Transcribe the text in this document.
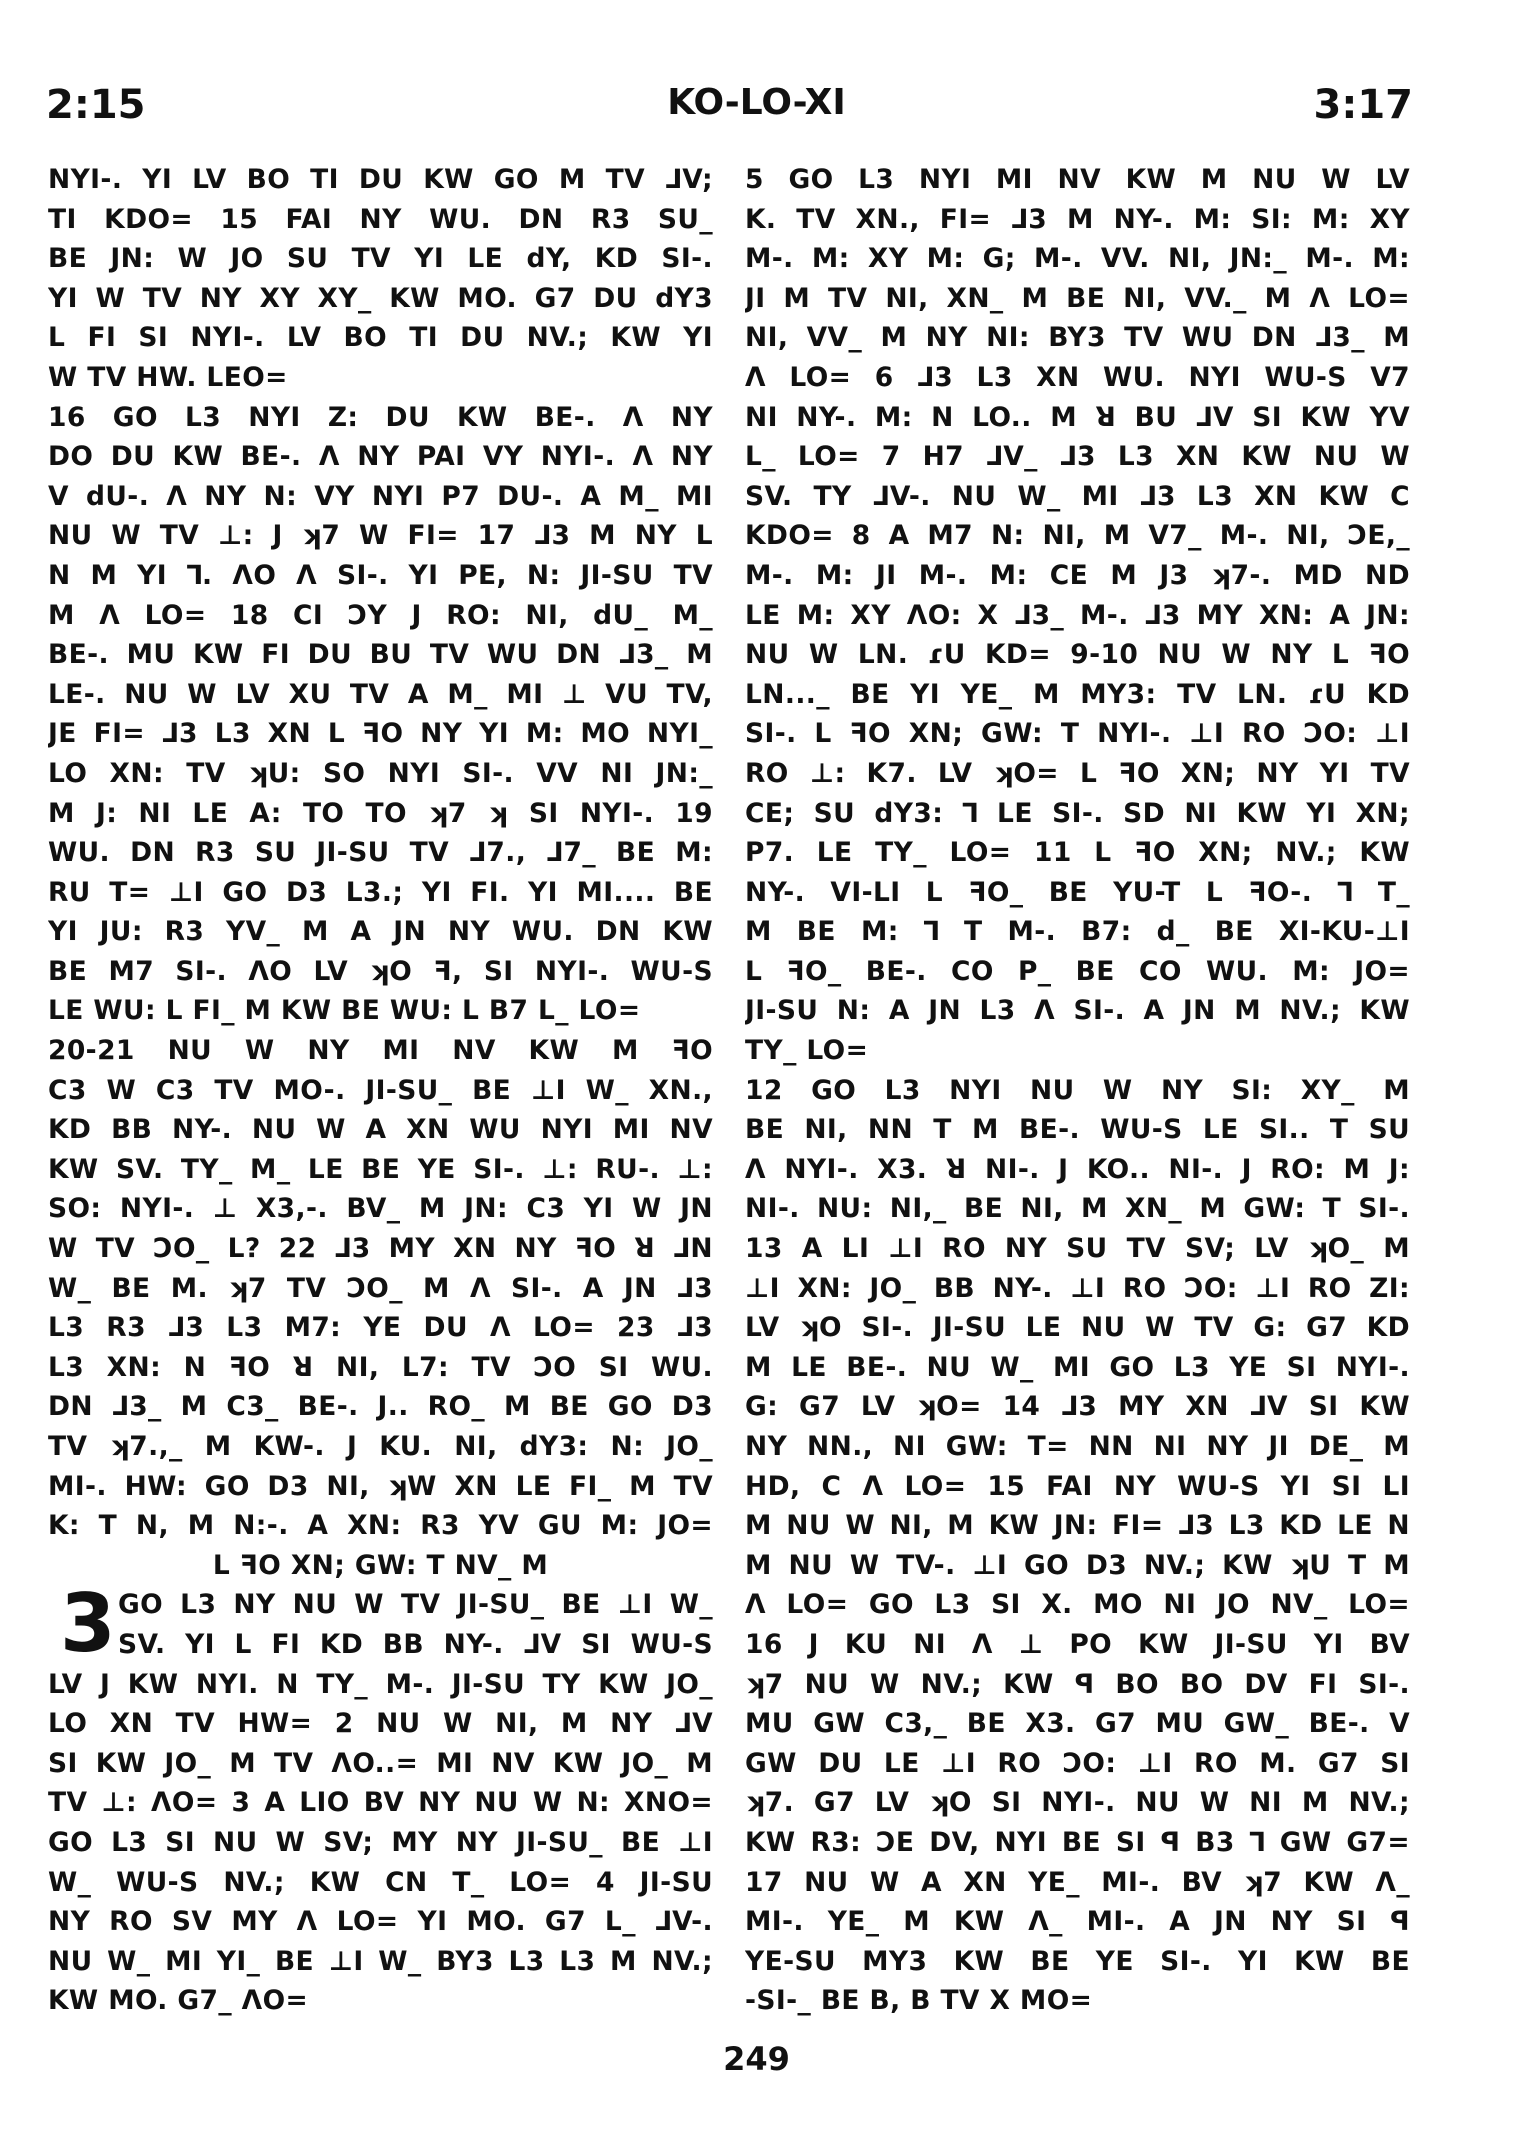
2:15	KO-LO-XI	3:17
NYI-. YI LV BO TI DU KW GO M TV ⅃V;
TI KDO= 15 FAI NY WU. DN R3 SU_
BE JN: W JO SU TV YI LE dY, KD SI-.
YI W TV NY XY XY_ KW MO. G7 DU dY3
L FI SI NYI-. LV BO TI DU NV.; KW YI
W TV HW. LEO=
16 GO L3 NYI Z: DU KW BE-. Λ NY
DO DU KW BE-. Λ NY PAI VY NYI-. Λ NY
V dU-. Λ NY N: VY NYI P7 DU-. A M_ MI
NU W TV ⊥: J ʞ7 W FI= 17 ⅃3 M NY L
N M YI ⅂. ΛO Λ SI-. YI PE, N: JI-SU TV
M Λ LO= 18 CI ƆY J RO: NI, dU_ M_
BE-. MU KW FI DU BU TV WU DN ⅃3_ M
LE-. NU W LV XU TV A M_ MI ⊥ VU TV,
JE FI= ⅃3 L3 XN L ꟻO NY YI M: MO NYI_
LO XN: TV ʞU: SO NYI SI-. VV NI JN:_
M J: NI LE A: TO TO ʞ7 ʞ SI NYI-. 19
WU. DN R3 SU JI-SU TV ⅃7., ⅃7_ BE M:
RU T= ⊥I GO D3 L3.; YI FI. YI MI.... BE
YI JU: R3 YV_ M A JN NY WU. DN KW
BE M7 SI-. ΛO LV ʞO ꟻ, SI NYI-. WU-S
LE WU: L FI_ M KW BE WU: L B7 L_ LO=
20-21 NU W NY MI NV KW M ꟻO
C3 W C3 TV MO-. JI-SU_ BE ⊥I W_ XN.,
KD BB NY-. NU W A XN WU NYI MI NV
KW SV. TY_ M_ LE BE YE SI-. ⊥: RU-. ⊥:
SO: NYI-. ⊥ X3,-. BV_ M JN: C3 YI W JN
W TV ƆO_ L? 22 ⅃3 MY XN NY ꟻO ꓤ ⅃N
W_ BE M. ʞ7 TV ƆO_ M Λ SI-. A JN ⅃3
L3 R3 ⅃3 L3 M7: YE DU Λ LO= 23 ⅃3
L3 XN: N ꟻO ꓤ NI, L7: TV ƆO SI WU.
DN ⅃3_ M C3_ BE-. J.. RO_ M BE GO D3
TV ʞ7.,_ M KW-. J KU. NI, dY3: N: JO_
MI-. HW: GO D3 NI, ʞW XN LE FI_ M TV
K: T N, M N:-. A XN: R3 YV GU M: JO=
L ꟻO XN; GW: T NV_ M
3 GO L3 NY NU W TV JI-SU_ BE ⊥I W_
SV. YI L FI KD BB NY-. ⅃V SI WU-S
LV J KW NYI. N TY_ M-. JI-SU TY KW JO_
LO XN TV HW= 2 NU W NI, M NY ⅃V
SI KW JO_ M TV ΛO..= MI NV KW JO_ M
TV ⊥: ΛO= 3 A LIO BV NY NU W N: XNO=
GO L3 SI NU W SV; MY NY JI-SU_ BE ⊥I
W_ WU-S NV.; KW CN T_ LO= 4 JI-SU
NY RO SV MY Λ LO= YI MO. G7 L_ ⅃V-.
NU W_ MI YI_ BE ⊥I W_ BY3 L3 L3 M NV.;
KW MO. G7_ ΛO=
5 GO L3 NYI MI NV KW M NU W LV
K. TV XN., FI= ⅃3 M NY-. M: SI: M: XY
M-. M: XY M: G; M-. VV. NI, JN:_ M-. M:
JI M TV NI, XN_ M BE NI, VV._ M Λ LO=
NI, VV_ M NY NI: BY3 TV WU DN ⅃3_ M
Λ LO= 6 ⅃3 L3 XN WU. NYI WU-S V7
NI NY-. M: N LO.. M ꓤ BU ⅃V SI KW YV
L_ LO= 7 H7 ⅃V_ ⅃3 L3 XN KW NU W
SV. TY ⅃V-. NU W_ MI ⅃3 L3 XN KW C
KDO= 8 A M7 N: NI, M V7_ M-. NI, ƆE,_
M-. M: JI M-. M: CE M J3 ʞ7-. MD ND
LE M: XY ΛO: X ⅃3_ M-. ⅃3 MY XN: A JN:
NU W LN. ɾU KD= 9-10 NU W NY L ꟻO
LN..._ BE YI YE_ M MY3: TV LN. ɾU KD
SI-. L ꟻO XN; GW: T NYI-. ⊥I RO ƆO: ⊥I
RO ⊥: K7. LV ʞO= L ꟻO XN; NY YI TV
CE; SU dY3: ⅂ LE SI-. SD NI KW YI XN;
P7. LE TY_ LO= 11 L ꟻO XN; NV.; KW
NY-. VI-LI L ꟻO_ BE YU-T L ꟻO-. ⅂ T_
M BE M: ⅂ T M-. B7: d_ BE XI-KU-⊥I
L ꟻO_ BE-. CO P_ BE CO WU. M: JO=
JI-SU N: A JN L3 Λ SI-. A JN M NV.; KW
TY_ LO=
12 GO L3 NYI NU W NY SI: XY_ M
BE NI, NN T M BE-. WU-S LE SI.. T SU
Λ NYI-. X3. ꓤ NI-. J KO.. NI-. J RO: M J:
NI-. NU: NI,_ BE NI, M XN_ M GW: T SI-.
13 A LI ⊥I RO NY SU TV SV; LV ʞO_ M
⊥I XN: JO_ BB NY-. ⊥I RO ƆO: ⊥I RO ZI:
LV ʞO SI-. JI-SU LE NU W TV G: G7 KD
M LE BE-. NU W_ MI GO L3 YE SI NYI-.
G: G7 LV ʞO= 14 ⅃3 MY XN ⅃V SI KW
NY NN., NI GW: T= NN NI NY JI DE_ M
HD, C Λ LO= 15 FAI NY WU-S YI SI LI
M NU W NI, M KW JN: FI= ⅃3 L3 KD LE N
M NU W TV-. ⊥I GO D3 NV.; KW ʞU T M
Λ LO= GO L3 SI X. MO NI JO NV_ LO=
16 J KU NI Λ ⊥ PO KW JI-SU YI BV
ʞ7 NU W NV.; KW ꟼ BO BO DV FI SI-.
MU GW C3,_ BE X3. G7 MU GW_ BE-. V
GW DU LE ⊥I RO ƆO: ⊥I RO M. G7 SI
ʞ7. G7 LV ʞO SI NYI-. NU W NI M NV.;
KW R3: ƆE DV, NYI BE SI ꟼ B3 ⅂ GW G7=
17 NU W A XN YE_ MI-. BV ʞ7 KW Λ_
MI-. YE_ M KW Λ_ MI-. A JN NY SI ꟼ
YE-SU MY3 KW BE YE SI-. YI KW BE
-SI-_ BE B, B TV X MO=
249
